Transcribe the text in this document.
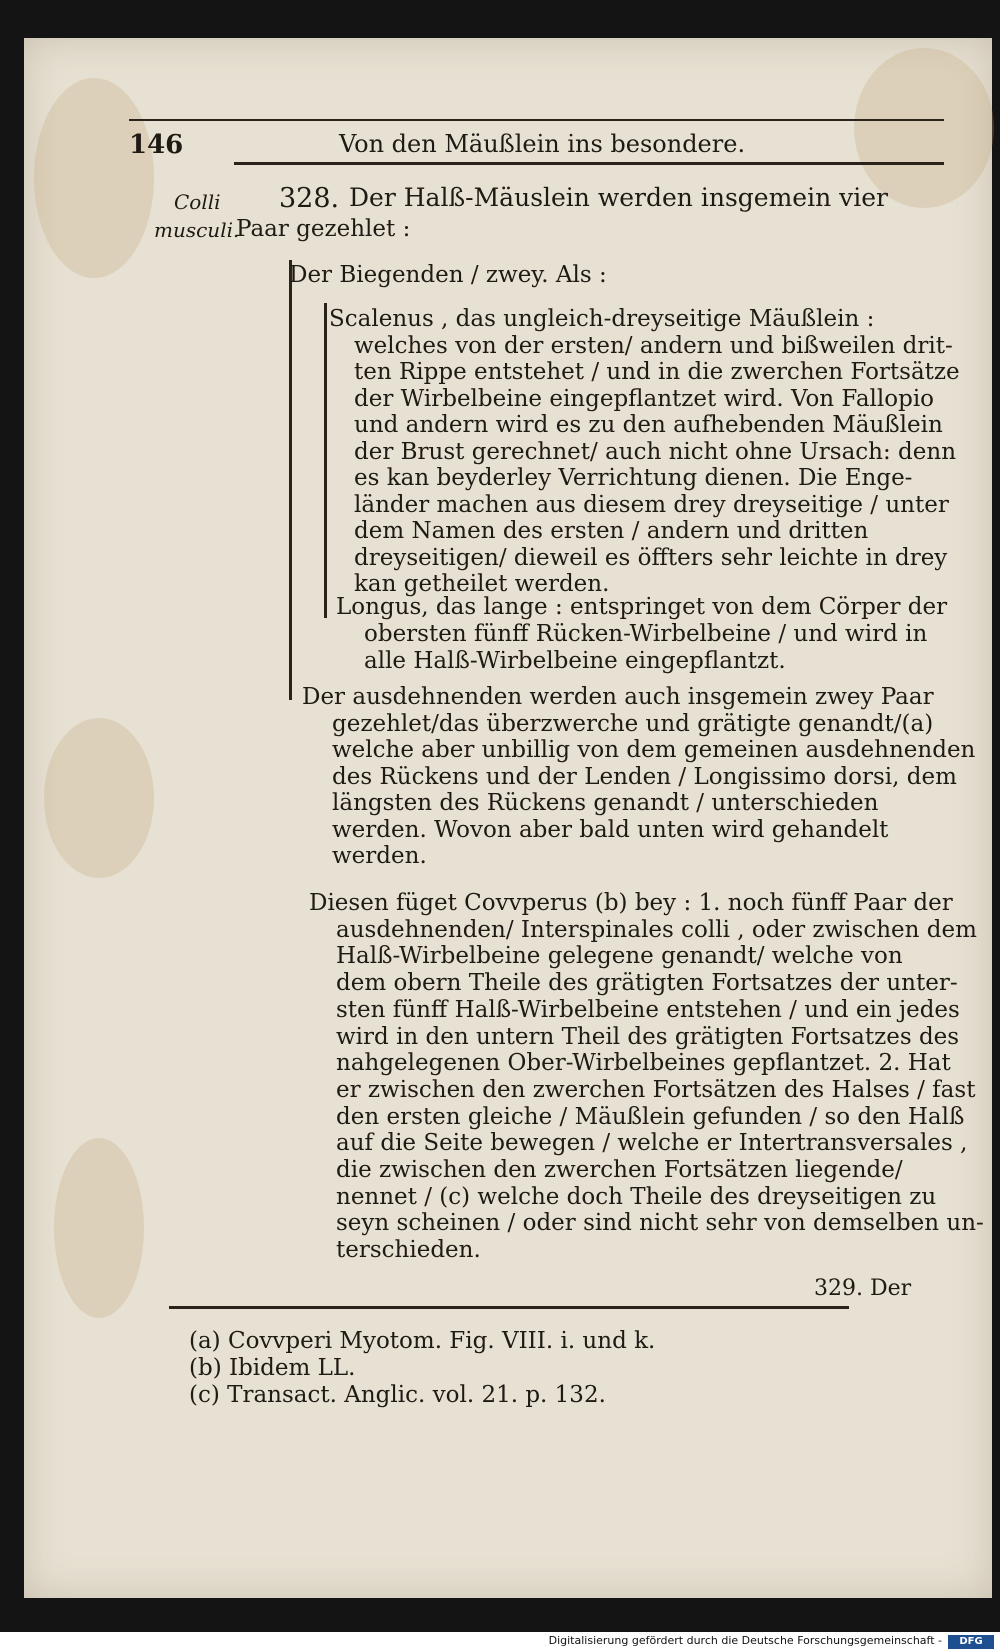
146	Von den Mäußlein ins besondere.
Colli
musculi.
328. Der Halß-Mäuslein werden insgemein vier
Paar gezehlet :
Der Biegenden / zwey. Als :
Scalenus , das ungleich-dreyseitige Mäußlein :
welches von der ersten/ andern und bißweilen drit-
ten Rippe entstehet / und in die zwerchen Fortsätze
der Wirbelbeine eingepflantzet wird. Von Fallopio
und andern wird es zu den aufhebenden Mäußlein
der Brust gerechnet/ auch nicht ohne Ursach: denn
es kan beyderley Verrichtung dienen. Die Enge-
länder machen aus diesem drey dreyseitige / unter
dem Namen des ersten / andern und dritten
dreyseitigen/ dieweil es öffters sehr leichte in drey
kan getheilet werden.
Longus, das lange : entspringet von dem Cörper der
obersten fünff Rücken-Wirbelbeine / und wird in
alle Halß-Wirbelbeine eingepflantzt.
Der ausdehnenden werden auch insgemein zwey Paar
gezehlet/das überzwerche und grätigte genandt/(a)
welche aber unbillig von dem gemeinen ausdehnenden
des Rückens und der Lenden / Longissimo dorsi, dem
längsten des Rückens genandt / unterschieden
werden. Wovon aber bald unten wird gehandelt
werden.
Diesen füget Covvperus (b) bey : 1. noch fünff Paar der
ausdehnenden/ Interspinales colli , oder zwischen dem
Halß-Wirbelbeine gelegene genandt/ welche von
dem obern Theile des grätigten Fortsatzes der unter-
sten fünff Halß-Wirbelbeine entstehen / und ein jedes
wird in den untern Theil des grätigten Fortsatzes des
nahgelegenen Ober-Wirbelbeines gepflantzet. 2. Hat
er zwischen den zwerchen Fortsätzen des Halses / fast
den ersten gleiche / Mäußlein gefunden / so den Halß
auf die Seite bewegen / welche er Intertransversales ,
die zwischen den zwerchen Fortsätzen liegende/
nennet / (c) welche doch Theile des dreyseitigen zu
seyn scheinen / oder sind nicht sehr von demselben un-
terschieden.
329. Der
(a) Covvperi Myotom. Fig. VIII. i. und k.
(b) Ibidem LL.
(c) Transact. Anglic. vol. 21. p. 132.
Digitalisierung gefördert durch die Deutsche Forschungsgemeinschaft -	DFG
